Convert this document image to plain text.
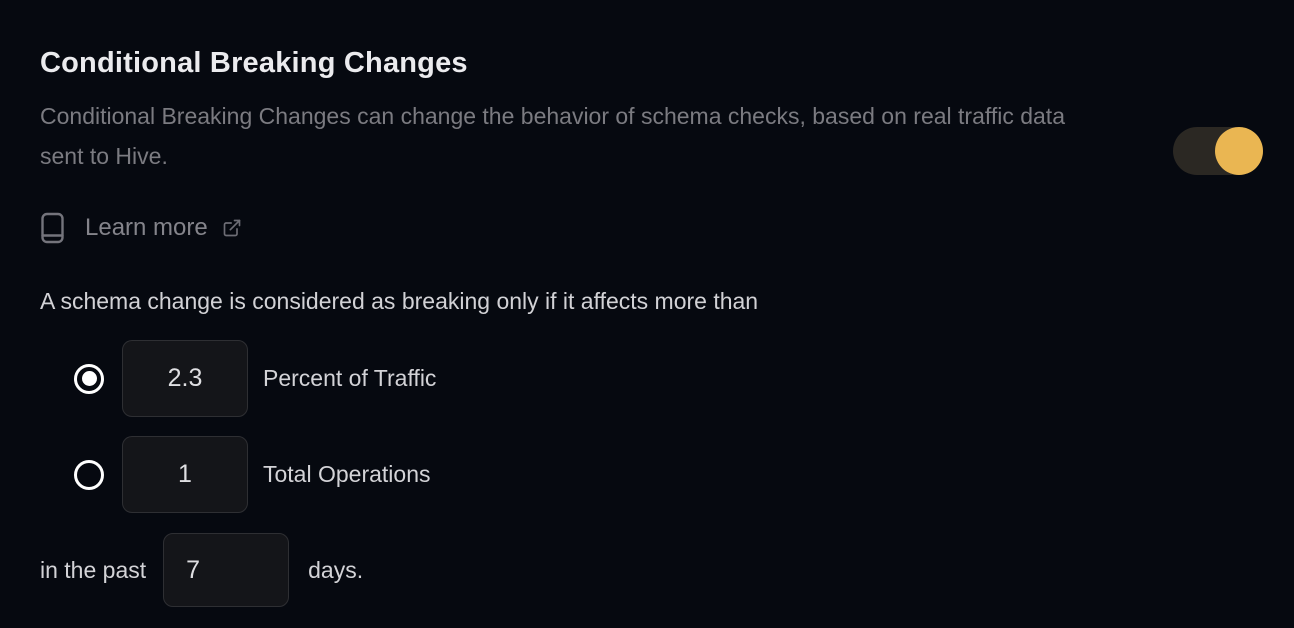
Conditional Breaking Changes

Conditional Breaking Changes can change the behavior of schema checks, based on real traffic data sent to Hive.

Learn more

A schema change is considered as breaking only if it affects more than

2.3
Percent of Traffic
1
Total Operations
in the past
7	days.
